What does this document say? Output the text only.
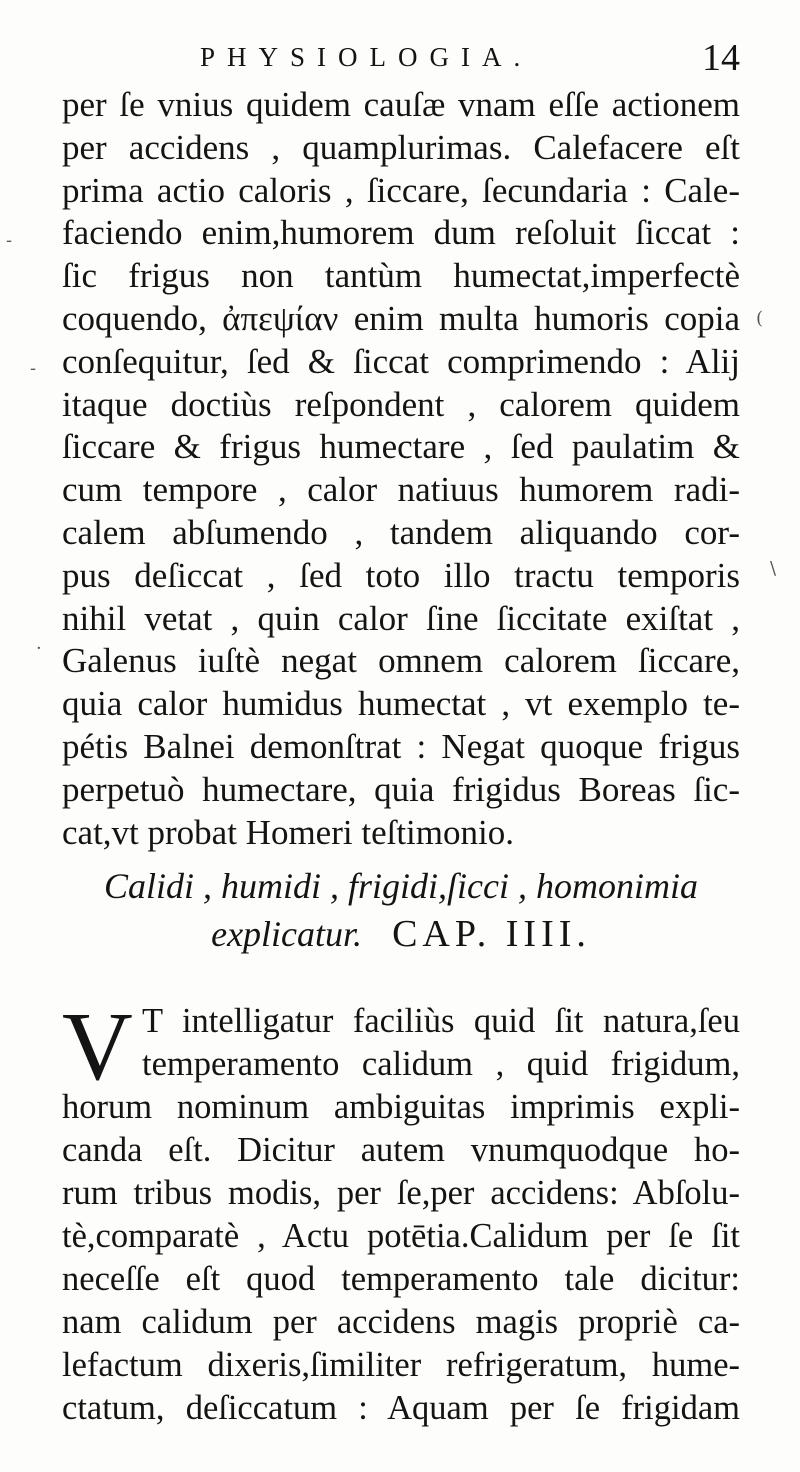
-
‑
·
\
(
PHYSIOLOGIA.	14
per ſe vnius quidem cauſæ vnam eſſe actionem
per accidens , quamplurimas. Calefacere eſt
prima actio caloris , ſiccare, ſecundaria : Cale-
faciendo enim,humorem dum reſoluit ſiccat :
ſic frigus non tantùm humectat,imperfectè
coquendo, ἀπεψίαν enim multa humoris copia
conſequitur, ſed & ſiccat comprimendo : Alij
itaque doctiùs reſpondent , calorem quidem
ſiccare & frigus humectare , ſed paulatim &
cum tempore , calor natiuus humorem radi-
calem abſumendo , tandem aliquando cor-
pus deſiccat , ſed toto illo tractu temporis
nihil vetat , quin calor ſine ſiccitate exiſtat ,
Galenus iuſtè negat omnem calorem ſiccare,
quia calor humidus humectat , vt exemplo te-
pétis Balnei demonſtrat : Negat quoque frigus
perpetuò humectare, quia frigidus Boreas ſic-
cat,vt probat Homeri teſtimonio.
Calidi , humidi , frigidi,ſicci , homonimia
explicatur. CAP. IIII.
V T intelligatur faciliùs quid ſit natura,ſeu
temperamento calidum , quid frigidum,
horum nominum ambiguitas imprimis expli-
canda eſt. Dicitur autem vnumquodque ho-
rum tribus modis, per ſe,per accidens: Abſolu-
tè,comparatè , Actu potētia.Calidum per ſe ſit
neceſſe eſt quod temperamento tale dicitur:
nam calidum per accidens magis propriè ca-
lefactum dixeris,ſimiliter refrigeratum, hume-
ctatum, deſiccatum : Aquam per ſe frigidam
